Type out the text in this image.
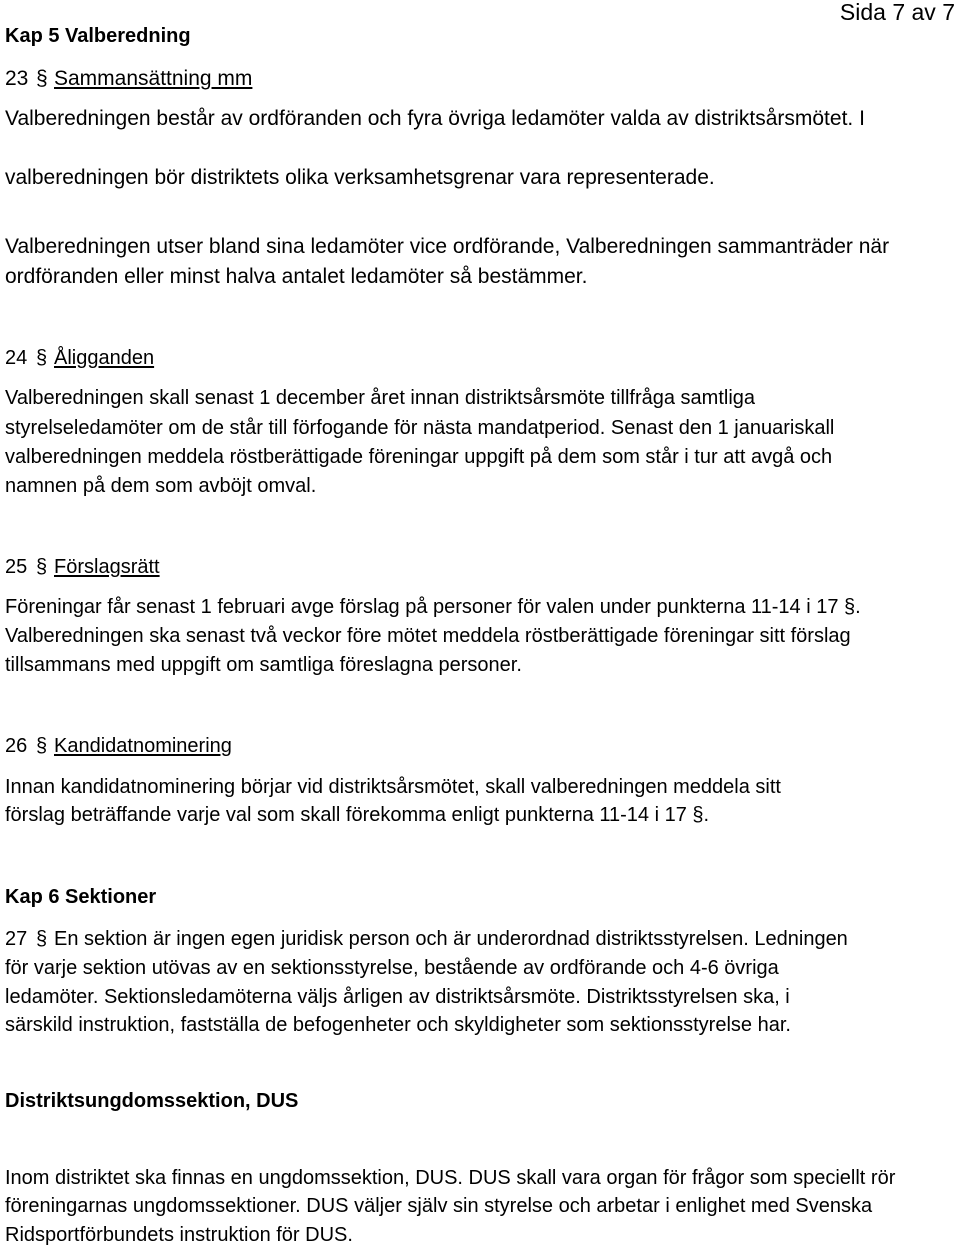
Sida 7 av 7
Kap 5 Valberedning
23 § Sammansättning mm
Valberedningen består av ordföranden och fyra övriga ledamöter valda av distriktsårsmötet. I
valberedningen bör distriktets olika verksamhetsgrenar vara representerade.
Valberedningen utser bland sina ledamöter vice ordförande, Valberedningen sammanträder när
ordföranden eller minst halva antalet ledamöter så bestämmer.
24 § Åligganden
Valberedningen skall senast 1 december året innan distriktsårsmöte tillfråga samtliga
styrelseledamöter om de står till förfogande för nästa mandatperiod. Senast den 1 januariskall
valberedningen meddela röstberättigade föreningar uppgift på dem som står i tur att avgå och
namnen på dem som avböjt omval.
25 § Förslagsrätt
Föreningar får senast 1 februari avge förslag på personer för valen under punkterna 11-14 i 17 §.
Valberedningen ska senast två veckor före mötet meddela röstberättigade föreningar sitt förslag
tillsammans med uppgift om samtliga föreslagna personer.
26 § Kandidatnominering
Innan kandidatnominering börjar vid distriktsårsmötet, skall valberedningen meddela sitt
förslag beträffande varje val som skall förekomma enligt punkterna 11-14 i 17 §.
Kap 6 Sektioner
27 § En sektion är ingen egen juridisk person och är underordnad distriktsstyrelsen. Ledningen
för varje sektion utövas av en sektionsstyrelse, bestående av ordförande och 4-6 övriga
ledamöter. Sektionsledamöterna väljs årligen av distriktsårsmöte. Distriktsstyrelsen ska, i
särskild instruktion, fastställa de befogenheter och skyldigheter som sektionsstyrelse har.
Distriktsungdomssektion, DUS
Inom distriktet ska finnas en ungdomssektion, DUS. DUS skall vara organ för frågor som speciellt rör
föreningarnas ungdomssektioner. DUS väljer själv sin styrelse och arbetar i enlighet med Svenska
Ridsportförbundets instruktion för DUS.
